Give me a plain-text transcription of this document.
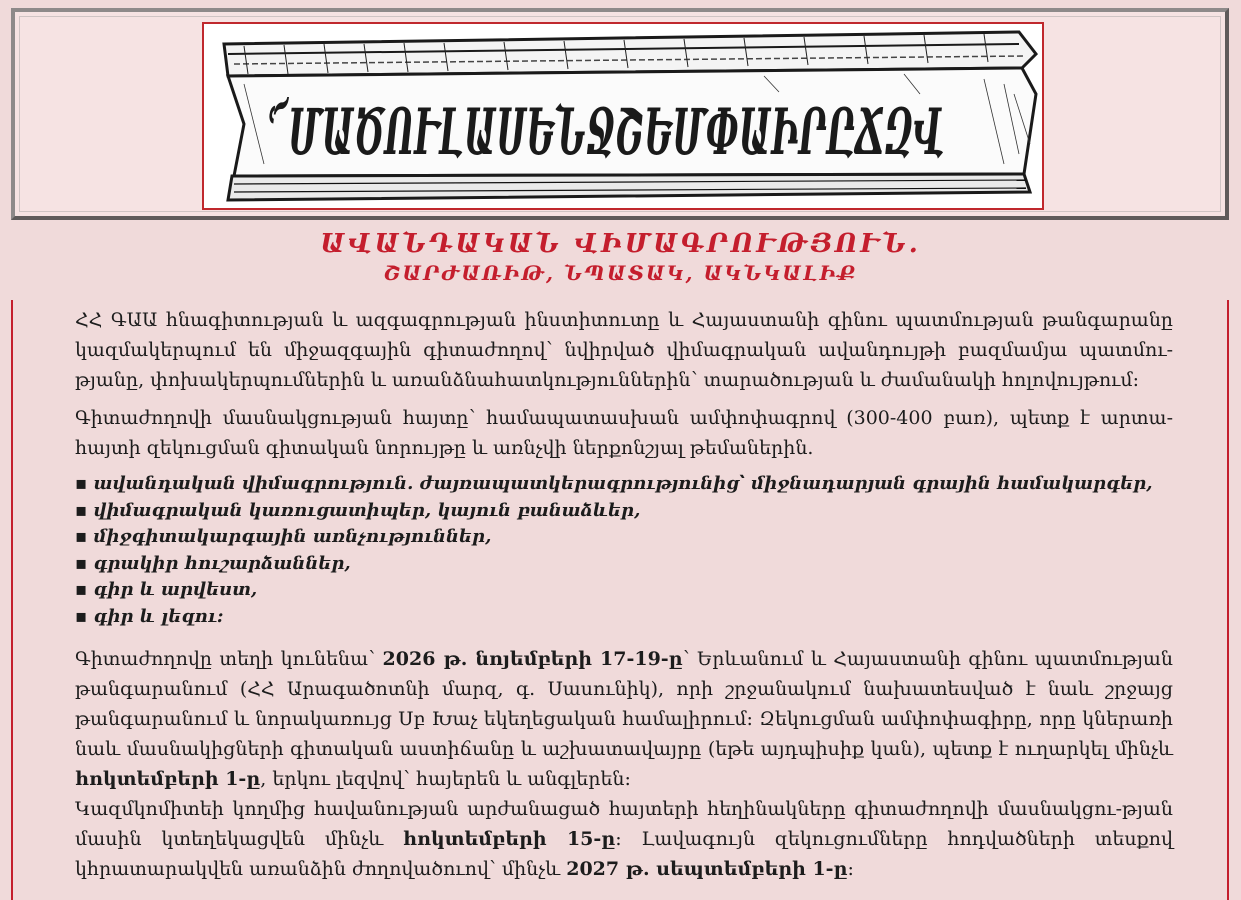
ՙ՜ՄԱԾՈՒԼԱՍԵՆՋՇԵՄՓԱԻՐԸՃԶՎ
ԱՎԱՆԴԱԿԱՆ ՎԻՄԱԳՐՈՒԹՅՈՒՆ.
ՇԱՐԺԱՌԻԹ, ՆՊԱՏԱԿ, ԱԿՆԿԱԼԻՔ

ՀՀ ԳԱԱ հնագիտության և ազգագրության ինստիտուտը և Հայաստանի գինու պատմության թանգարանը կազմակերպում են միջազգային գիտաժողով՝ նվիրված վիմագրական ավանդույթի բազմամյա պատմու-թյանը, փոխակերպումներին և առանձնահատկություններին՝ տարածության և ժամանակի հոլովույթում:

Գիտաժողովի մասնակցության հայտը՝ համապատասխան ամփոփագրով (300-400 բառ), պետք է արտա-հայտի զեկուցման գիտական նորույթը և առնչվի ներքոնշյալ թեմաներին.

▪ ավանդական վիմագրություն. ժայռապատկերագրությունից՝ միջնադարյան գրային համակարգեր,
▪ վիմագրական կառուցատիպեր, կայուն բանաձևեր,
▪ միջգիտակարգային առնչություններ,
▪ գրակիր հուշարձաններ,
▪ գիր և արվեստ,
▪ գիր և լեզու:

Գիտաժողովը տեղի կունենա՝ 2026 թ. նոյեմբերի 17-19-ը՝ Երևանում և Հայաստանի գինու պատմության թանգարանում (ՀՀ Արագածոտնի մարզ, գ. Սասունիկ), որի շրջանակում նախատեսված է նաև շրջայց թանգարանում և նորակառույց Սբ Խաչ եկեղեցական համալիրում: Զեկուցման ամփոփագիրը, որը կներառի նաև մասնակիցների գիտական աստիճանը և աշխատավայրը (եթե այդպիսիք կան), պետք է ուղարկել մինչև հոկտեմբերի 1-ը, երկու լեզվով՝ հայերեն և անգլերեն:

Կազմկոմիտեի կողմից հավանության արժանացած հայտերի հեղինակները գիտաժողովի մասնակցու-թյան մասին կտեղեկացվեն մինչև հոկտեմբերի 15-ը: Լավագույն զեկուցումները հոդվածների տեսքով կհրատարակվեն առանձին ժողովածուով՝ մինչև 2027 թ. սեպտեմբերի 1-ը:
